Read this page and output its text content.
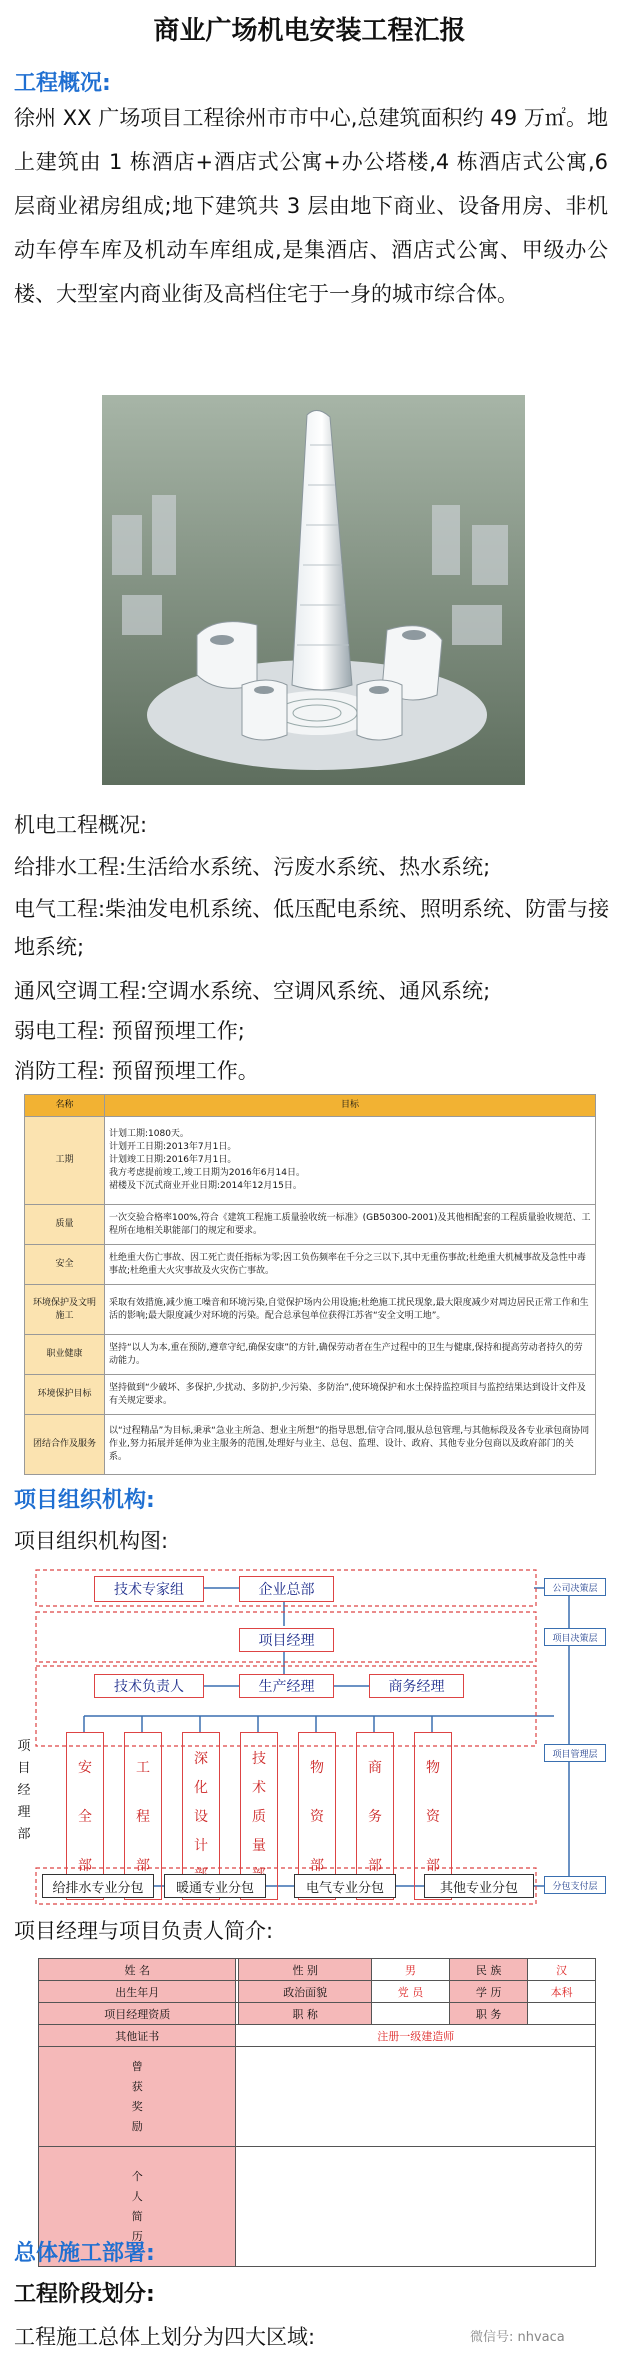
商业广场机电安装工程汇报
工程概况:
徐州 XX 广场项目工程徐州市市中心,总建筑面积约 49 万㎡。地上建筑由 1 栋酒店+酒店式公寓+办公塔楼,4 栋酒店式公寓,6 层商业裙房组成;地下建筑共 3 层由地下商业、设备用房、非机动车停车库及机动车库组成,是集酒店、酒店式公寓、甲级办公楼、大型室内商业街及高档住宅于一身的城市综合体。
机电工程概况:
给排水工程:生活给水系统、污废水系统、热水系统;
电气工程:柴油发电机系统、低压配电系统、照明系统、防雷与接地系统;
通风空调工程:空调水系统、空调风系统、通风系统;
弱电工程: 预留预埋工作;
消防工程: 预留预埋工作。
名称	目标
工期	计划工期:1080天。
计划开工日期:2013年7月1日。
计划竣工日期:2016年7月1日。
我方考虑提前竣工,竣工日期为2016年6月14日。
裙楼及下沉式商业开业日期:2014年12月15日。
质量	一次交验合格率100%,符合《建筑工程施工质量验收统一标准》(GB50300-2001)及其他相配套的工程质量验收规范、工程所在地相关职能部门的规定和要求。
安全	杜绝重大伤亡事故、因工死亡责任指标为零;因工负伤频率在千分之三以下,其中无重伤事故;杜绝重大机械事故及急性中毒事故;杜绝重大火灾事故及火灾伤亡事故。
环境保护及文明施工	采取有效措施,减少施工噪音和环境污染,自觉保护场内公用设施;杜绝施工扰民现象,最大限度减少对周边居民正常工作和生活的影响;最大限度减少对环境的污染。配合总承包单位获得江苏省“安全文明工地”。
职业健康	坚持“以人为本,重在预防,遵章守纪,确保安康”的方针,确保劳动者在生产过程中的卫生与健康,保持和提高劳动者持久的劳动能力。
环境保护目标	坚持做到“少破坏、多保护,少扰动、多防护,少污染、多防治”,使环境保护和水土保持监控项目与监控结果达到设计文件及有关规定要求。
团结合作及服务	以“过程精品”为目标,秉承“急业主所急、想业主所想”的指导思想,信守合同,服从总包管理,与其他标段及各专业承包商协同作业,努力拓展并延伸为业主服务的范围,处理好与业主、总包、监理、设计、政府、其他专业分包商以及政府部门的关系。
项目组织机构:
项目组织机构图:
技术专家组	企业总部
项目经理
技术负责人	生产经理	商务经理
项目经理部
安
全
部
工
程
部
深
化
设
计
技
术
质
量
物
资
部
商
务
部
物
资
部
给排水专业分包	暖通专业分包	电气专业分包	其他专业分包
公司决策层
项目决策层
项目管理层
分包支付层
项目经理与项目负责人简介:
姓 名		性 别	男	民 族	汉
出生年月		政治面貌	党 员	学 历	本科
项目经理资质		职 称		职 务	
其他证书	注册一级建造师				

曾获奖励					

个人简历					

总体施工部署:
工程阶段划分:
工程施工总体上划分为四大区域:	微信号: nhvaca
